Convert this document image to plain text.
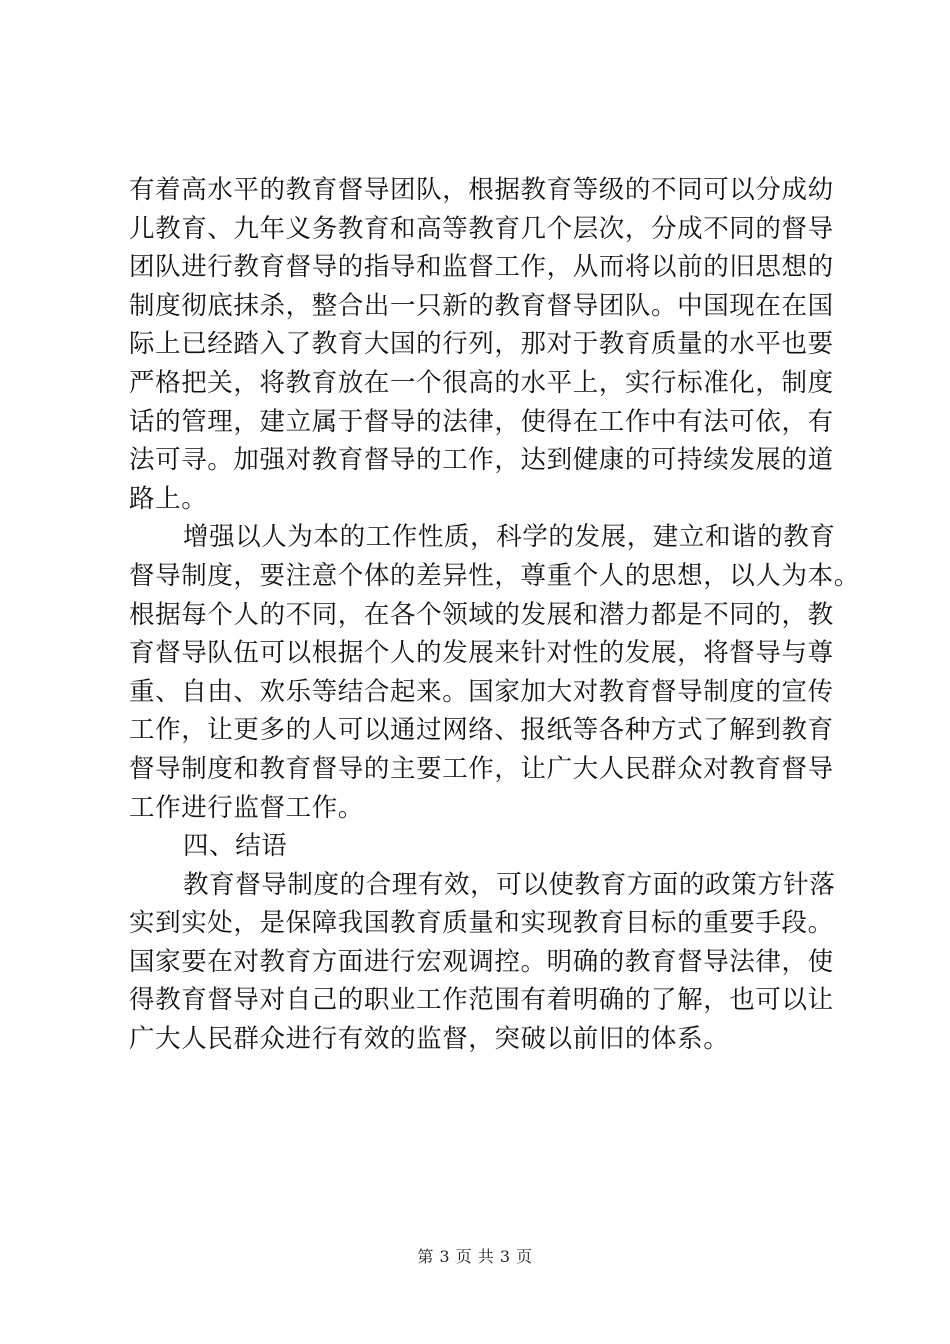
有着高水平的教育督导团队，根据教育等级的不同可以分成幼
儿教育、九年义务教育和高等教育几个层次，分成不同的督导
团队进行教育督导的指导和监督工作，从而将以前的旧思想的
制度彻底抹杀，整合出一只新的教育督导团队。中国现在在国
际上已经踏入了教育大国的行列，那对于教育质量的水平也要
严格把关，将教育放在一个很高的水平上，实行标准化，制度
话的管理，建立属于督导的法律，使得在工作中有法可依，有
法可寻。加强对教育督导的工作，达到健康的可持续发展的道
路上。
增强以人为本的工作性质，科学的发展，建立和谐的教育
督导制度，要注意个体的差异性，尊重个人的思想，以人为本。
根据每个人的不同，在各个领域的发展和潜力都是不同的，教
育督导队伍可以根据个人的发展来针对性的发展，将督导与尊
重、自由、欢乐等结合起来。国家加大对教育督导制度的宣传
工作，让更多的人可以通过网络、报纸等各种方式了解到教育
督导制度和教育督导的主要工作，让广大人民群众对教育督导
工作进行监督工作。
四、结语
教育督导制度的合理有效，可以使教育方面的政策方针落
实到实处，是保障我国教育质量和实现教育目标的重要手段。
国家要在对教育方面进行宏观调控。明确的教育督导法律，使
得教育督导对自己的职业工作范围有着明确的了解，也可以让
广大人民群众进行有效的监督，突破以前旧的体系。
第 3 页 共 3 页
